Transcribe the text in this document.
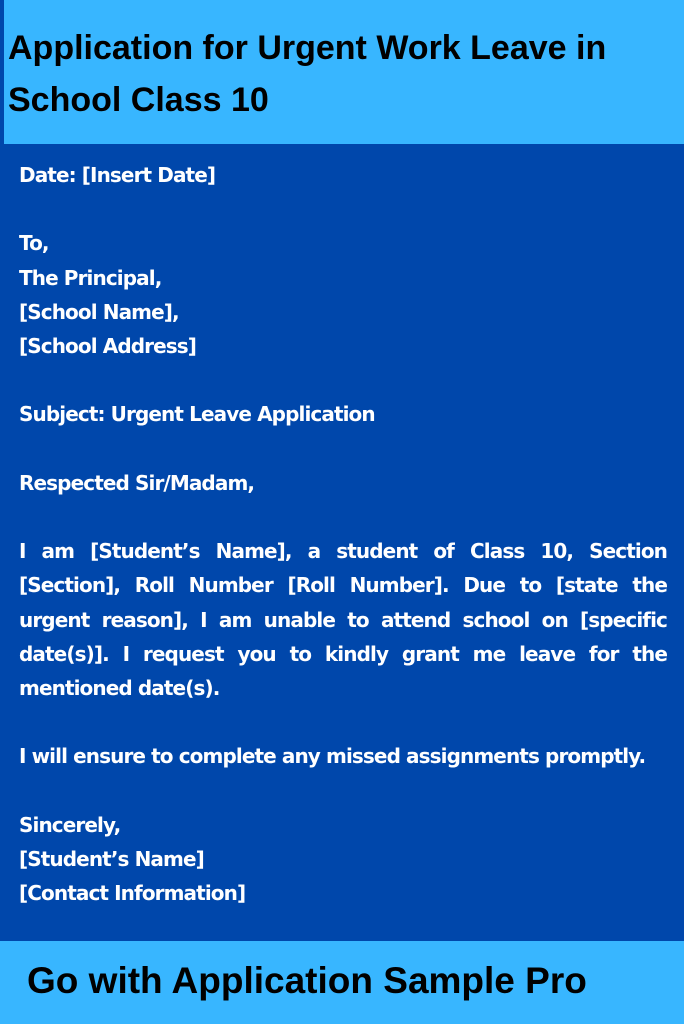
Application for Urgent Work Leave in School Class 10
Date: [Insert Date]
To,
The Principal,
[School Name],
[School Address]
Subject: Urgent Leave Application
Respected Sir/Madam,
I am [Student’s Name], a student of Class 10, Section [Section], Roll Number [Roll Number]. Due to [state the urgent reason], I am unable to attend school on [specific date(s)]. I request you to kindly grant me leave for the mentioned date(s).
I will ensure to complete any missed assignments promptly.
Sincerely,
[Student’s Name]
[Contact Information]
Go with Application Sample Pro
